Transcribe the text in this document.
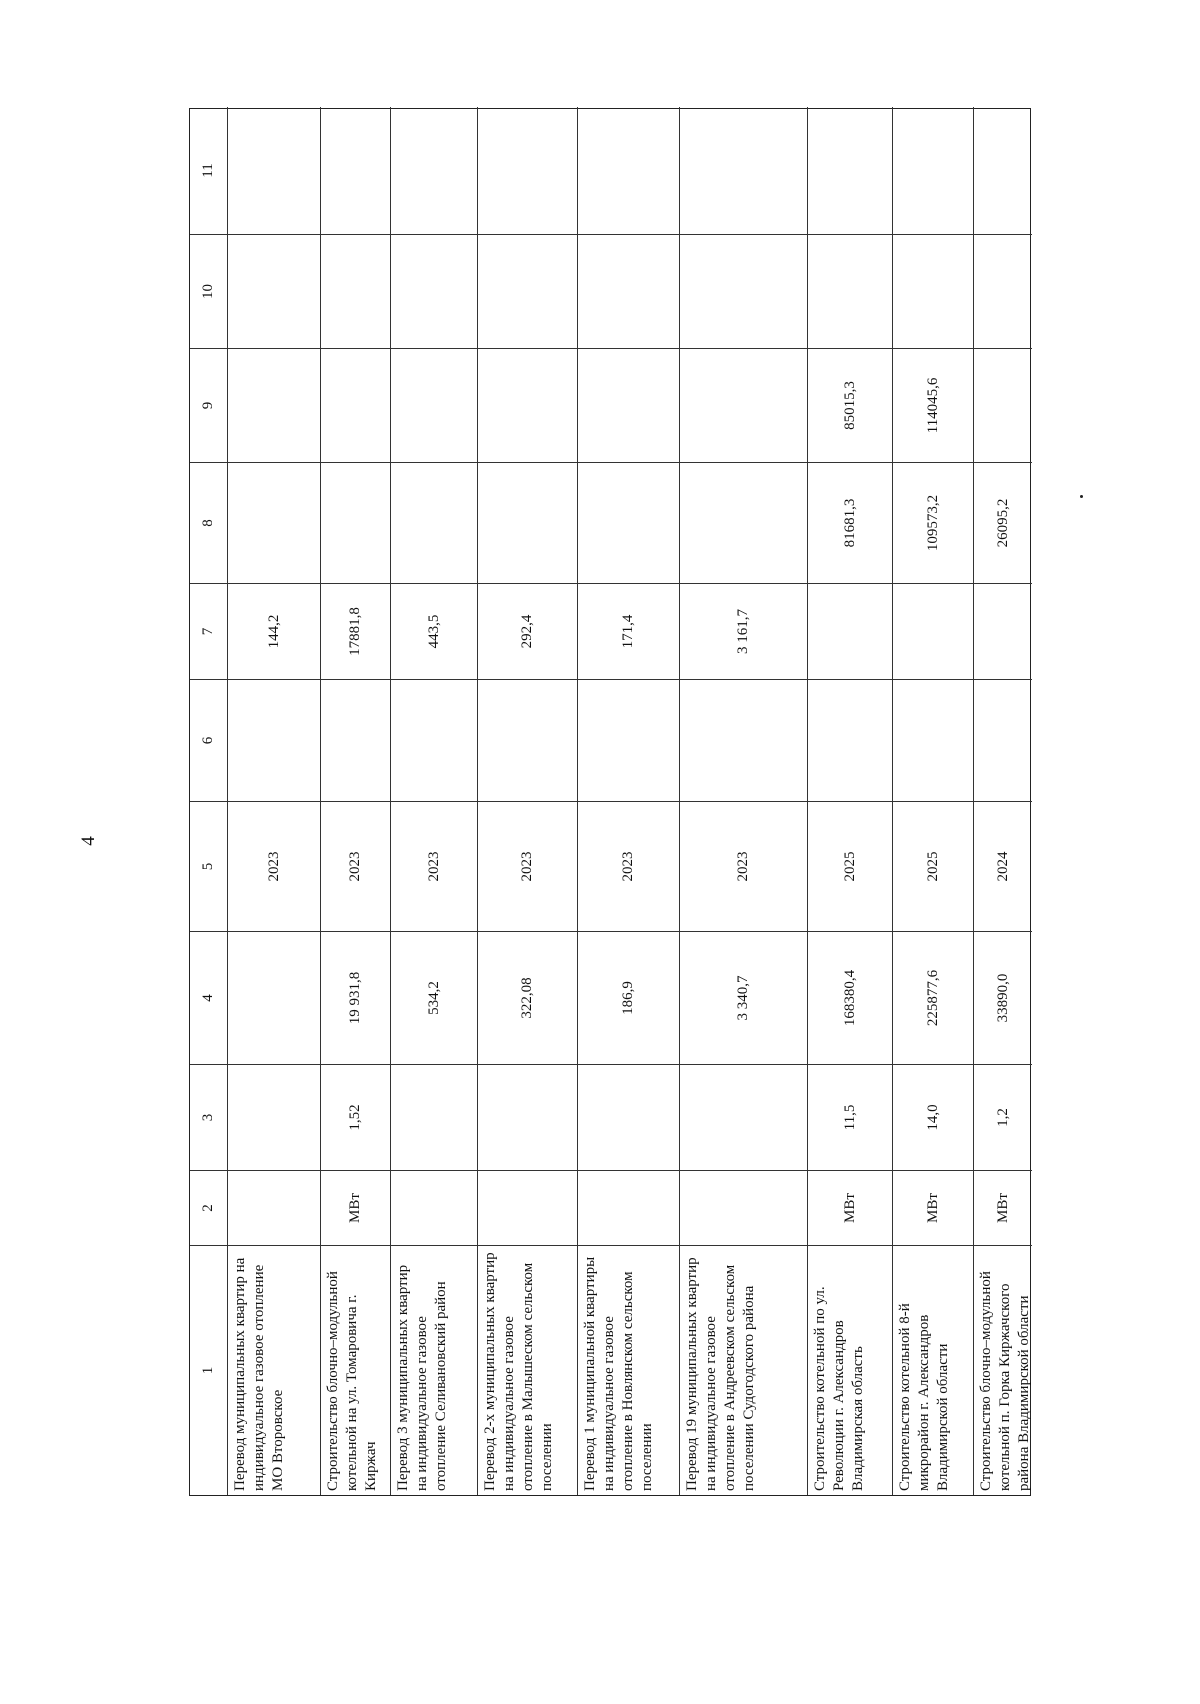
4
1
2
3
4
5
6
7
8
9
10
11
Перевод муниципальных квартир на индивидуальное газовое отопление МО Второвское
2023
144,2
Строительство блочно–модульной котельной на ул. Томаровича г. Киржач
МВт
1,52
19 931,8
2023
17881,8
Перевод 3 муниципальных квартир на индивидуальное газовое отопление Селивановский район
534,2
2023
443,5
Перевод 2-х муниципальных квартир на индивидуальное газовое отопление в Малышеском сельском поселении
322,08
2023
292,4
Перевод 1 муниципальной квартиры на индивидуальное газовое отопление в Новлянском сельском поселении
186,9
2023
171,4
Перевод 19 муниципальных квартир на индивидуальное газовое отопление в Андреевском сельском поселении Судогодского района
3 340,7
2023
3 161,7
Строительство котельной по ул. Революции г. Александров Владимирская область
МВт
11,5
168380,4
2025
81681,3
85015,3
Строительство котельной 8-й микрорайон г. Александров Владимирской области
МВт
14,0
225877,6
2025
109573,2
114045,6
Строительство блочно–модульной котельной п. Горка Киржачского района Владимирской области
МВт
1,2
33890,0
2024
26095,2
